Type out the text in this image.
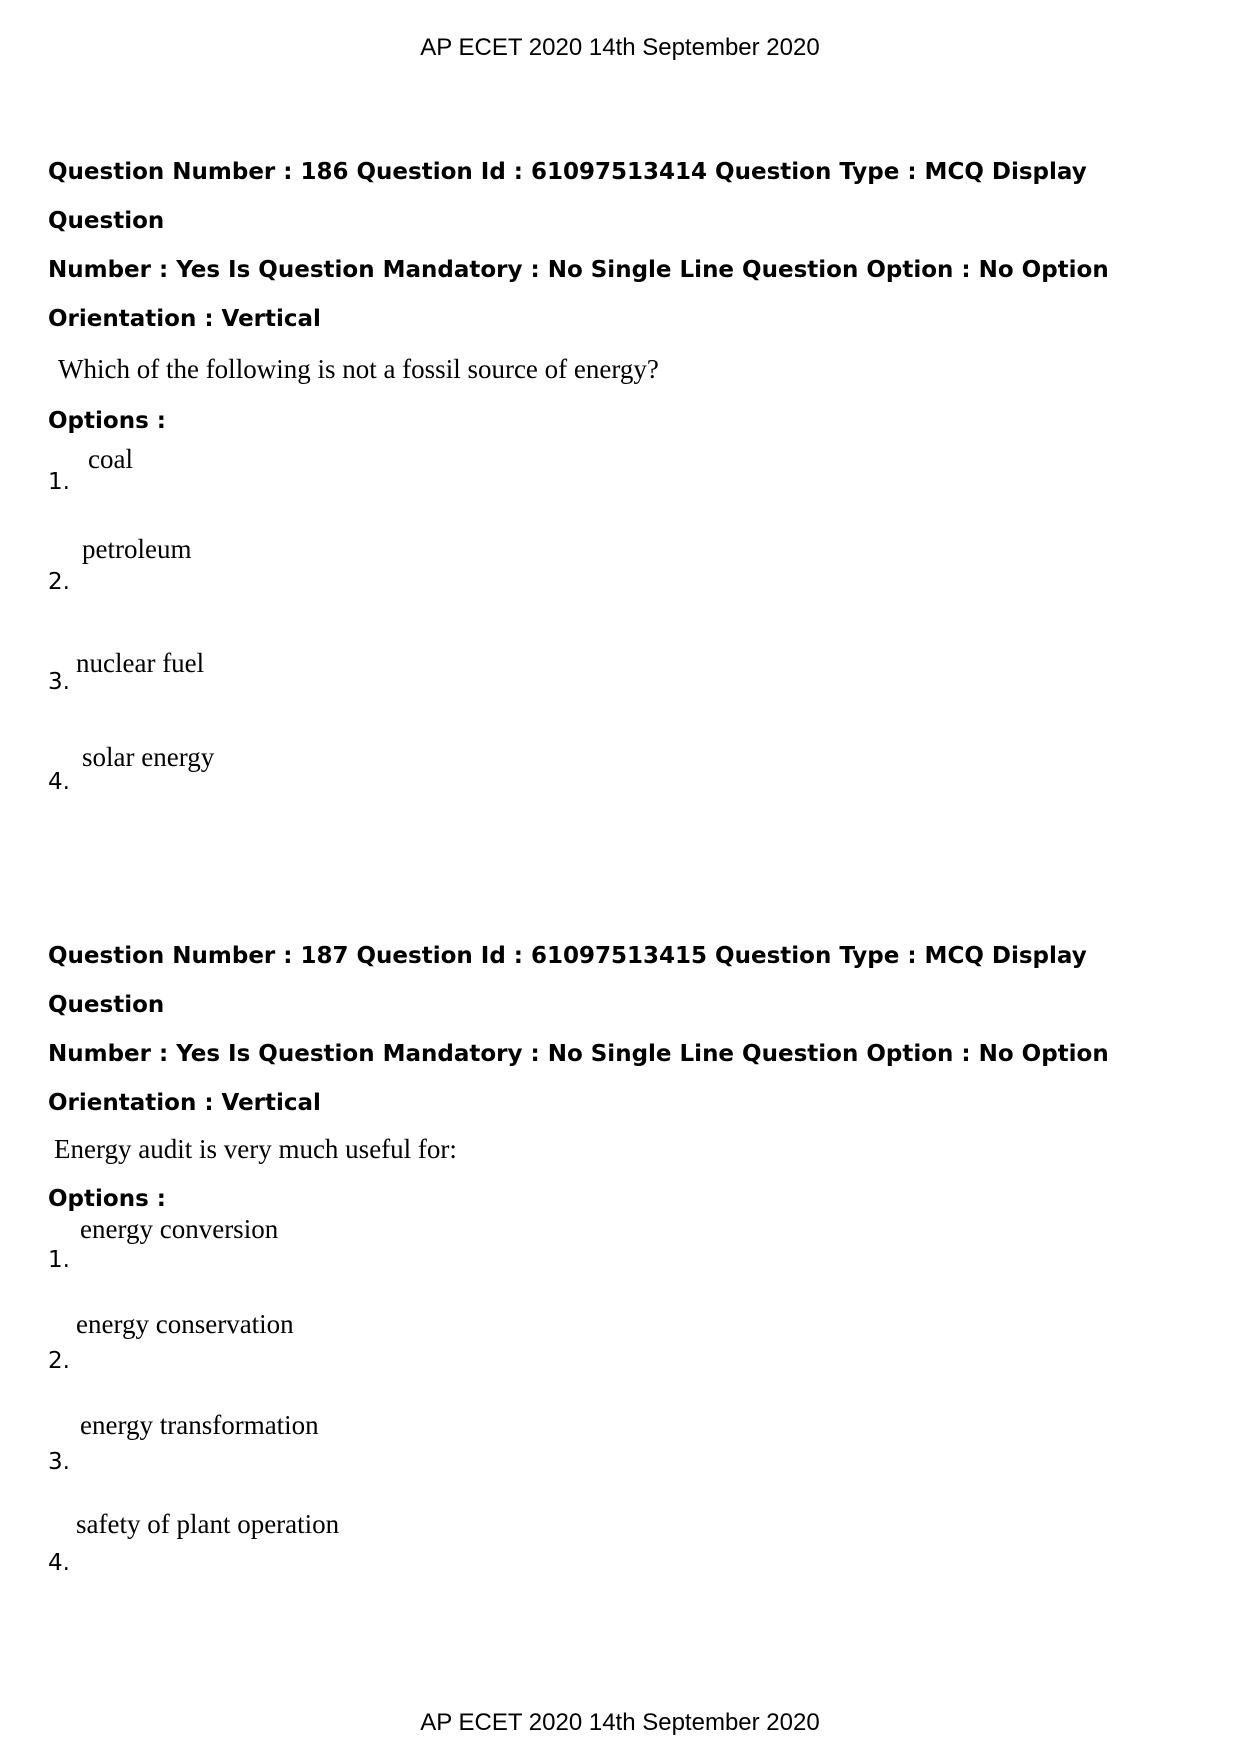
AP ECET 2020 14th September 2020
Question Number : 186 Question Id : 61097513414 Question Type : MCQ Display Question
Number : Yes Is Question Mandatory : No Single Line Question Option : No Option
Orientation : Vertical
Which of the following is not a fossil source of energy?
Options :
1.
coal
2.
petroleum
3.
nuclear fuel
4.
solar energy
Question Number : 187 Question Id : 61097513415 Question Type : MCQ Display Question
Number : Yes Is Question Mandatory : No Single Line Question Option : No Option
Orientation : Vertical
Energy audit is very much useful for:
Options :
1.
energy conversion
2.
energy conservation
3.
energy transformation
4.
safety of plant operation
AP ECET 2020 14th September 2020
